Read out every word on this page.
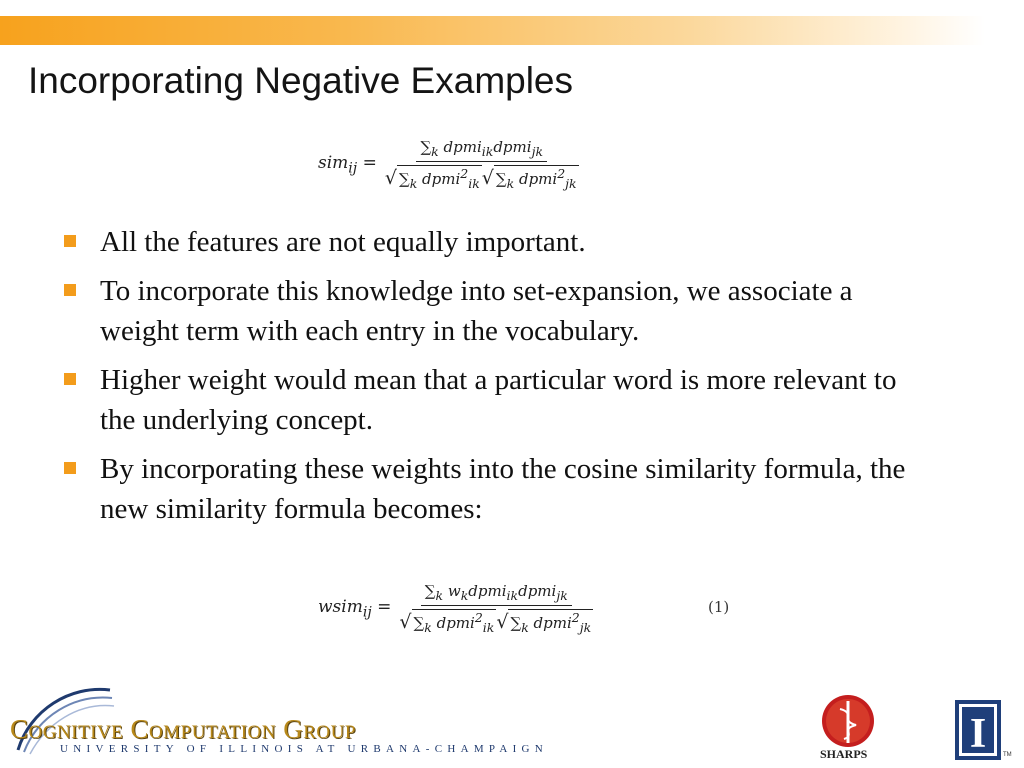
Incorporating Negative Examples
$sim_{ij} = \frac{\sum_k dpmi_{ik}dpmi_{jk}}{√ \sum_k dpmi^2_{ik} √ \sum_k dpmi^2_{jk}}$
All the features are not equally important.
To incorporate this knowledge into set-expansion, we associate a weight term with each entry in the vocabulary.
Higher weight would mean that a particular word is more relevant to the underlying concept.
By incorporating these weights into the cosine similarity formula, the new similarity formula becomes:
wsim$_{ij}$ = $\frac{\sum_k w_kdpmi_{ik}dpmi_{jk}}{√ \sum_k dpmi^2_{ik} √ \sum_k dpmi^2_{jk}}$	(1)
Cognitive Computation Group
UNIVERSITY OF ILLINOIS AT URBANA-CHAMPAIGN	SHARPS I	TM
